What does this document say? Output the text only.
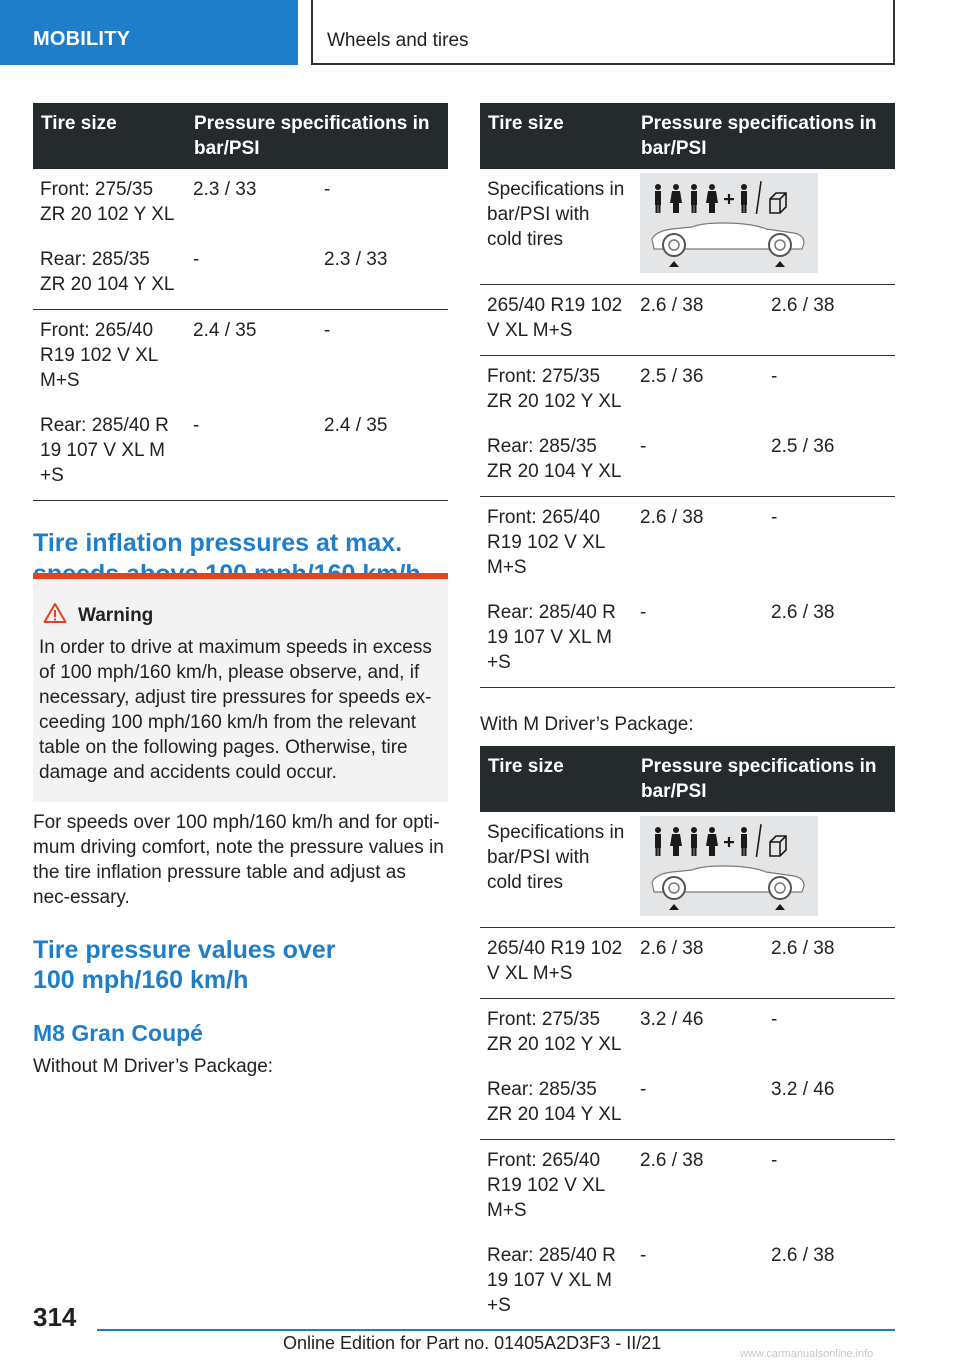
MOBILITY	Wheels and tires
Tire size	Pressure specifications in bar/PSI	
Front: 275/35 ZR 20 102 Y XL	2.3 / 33	-
Rear: 285/35 ZR 20 104 Y XL	-	2.3 / 33
Front: 265/40 R19 102 V XL M+S	2.4 / 35	-
Rear: 285/40 R 19 107 V XL M +S	-	2.4 / 35
Tire inflation pressures at max.
Warning
In order to drive at maximum speeds in excess of 100 mph/160 km/h, please observe, and, if necessary, adjust tire pressures for speeds ex-ceeding 100 mph/160 km/h from the relevant table on the following pages. Otherwise, tire damage and accidents could occur.
For speeds over 100 mph/160 km/h and for opti-mum driving comfort, note the pressure values in the tire inflation pressure table and adjust as nec-essary.
Tire pressure values over
100 mph/160 km/h
M8 Gran Coupé
Without M Driver’s Package:
Tire size	Pressure specifications in bar/PSI	
Specifications in bar/PSI with cold tires	

265/40 R19 102 V XL M+S	2.6 / 38	2.6 / 38
Front: 275/35 ZR 20 102 Y XL	2.5 / 36	-
Rear: 285/35 ZR 20 104 Y XL	-	2.5 / 36
Front: 265/40 R19 102 V XL M+S	2.6 / 38	-
Rear: 285/40 R 19 107 V XL M +S	-	2.6 / 38
With M Driver’s Package:
Tire size	Pressure specifications in bar/PSI	
Specifications in bar/PSI with cold tires	

265/40 R19 102 V XL M+S	2.6 / 38	2.6 / 38
Front: 275/35 ZR 20 102 Y XL	3.2 / 46	-
Rear: 285/35 ZR 20 104 Y XL	-	3.2 / 46
Front: 265/40 R19 102 V XL M+S	2.6 / 38	-
Rear: 285/40 R 19 107 V XL M +S	-	2.6 / 38
314
Online Edition for Part no. 01405A2D3F3 - II/21
www.carmanualsonline.info
